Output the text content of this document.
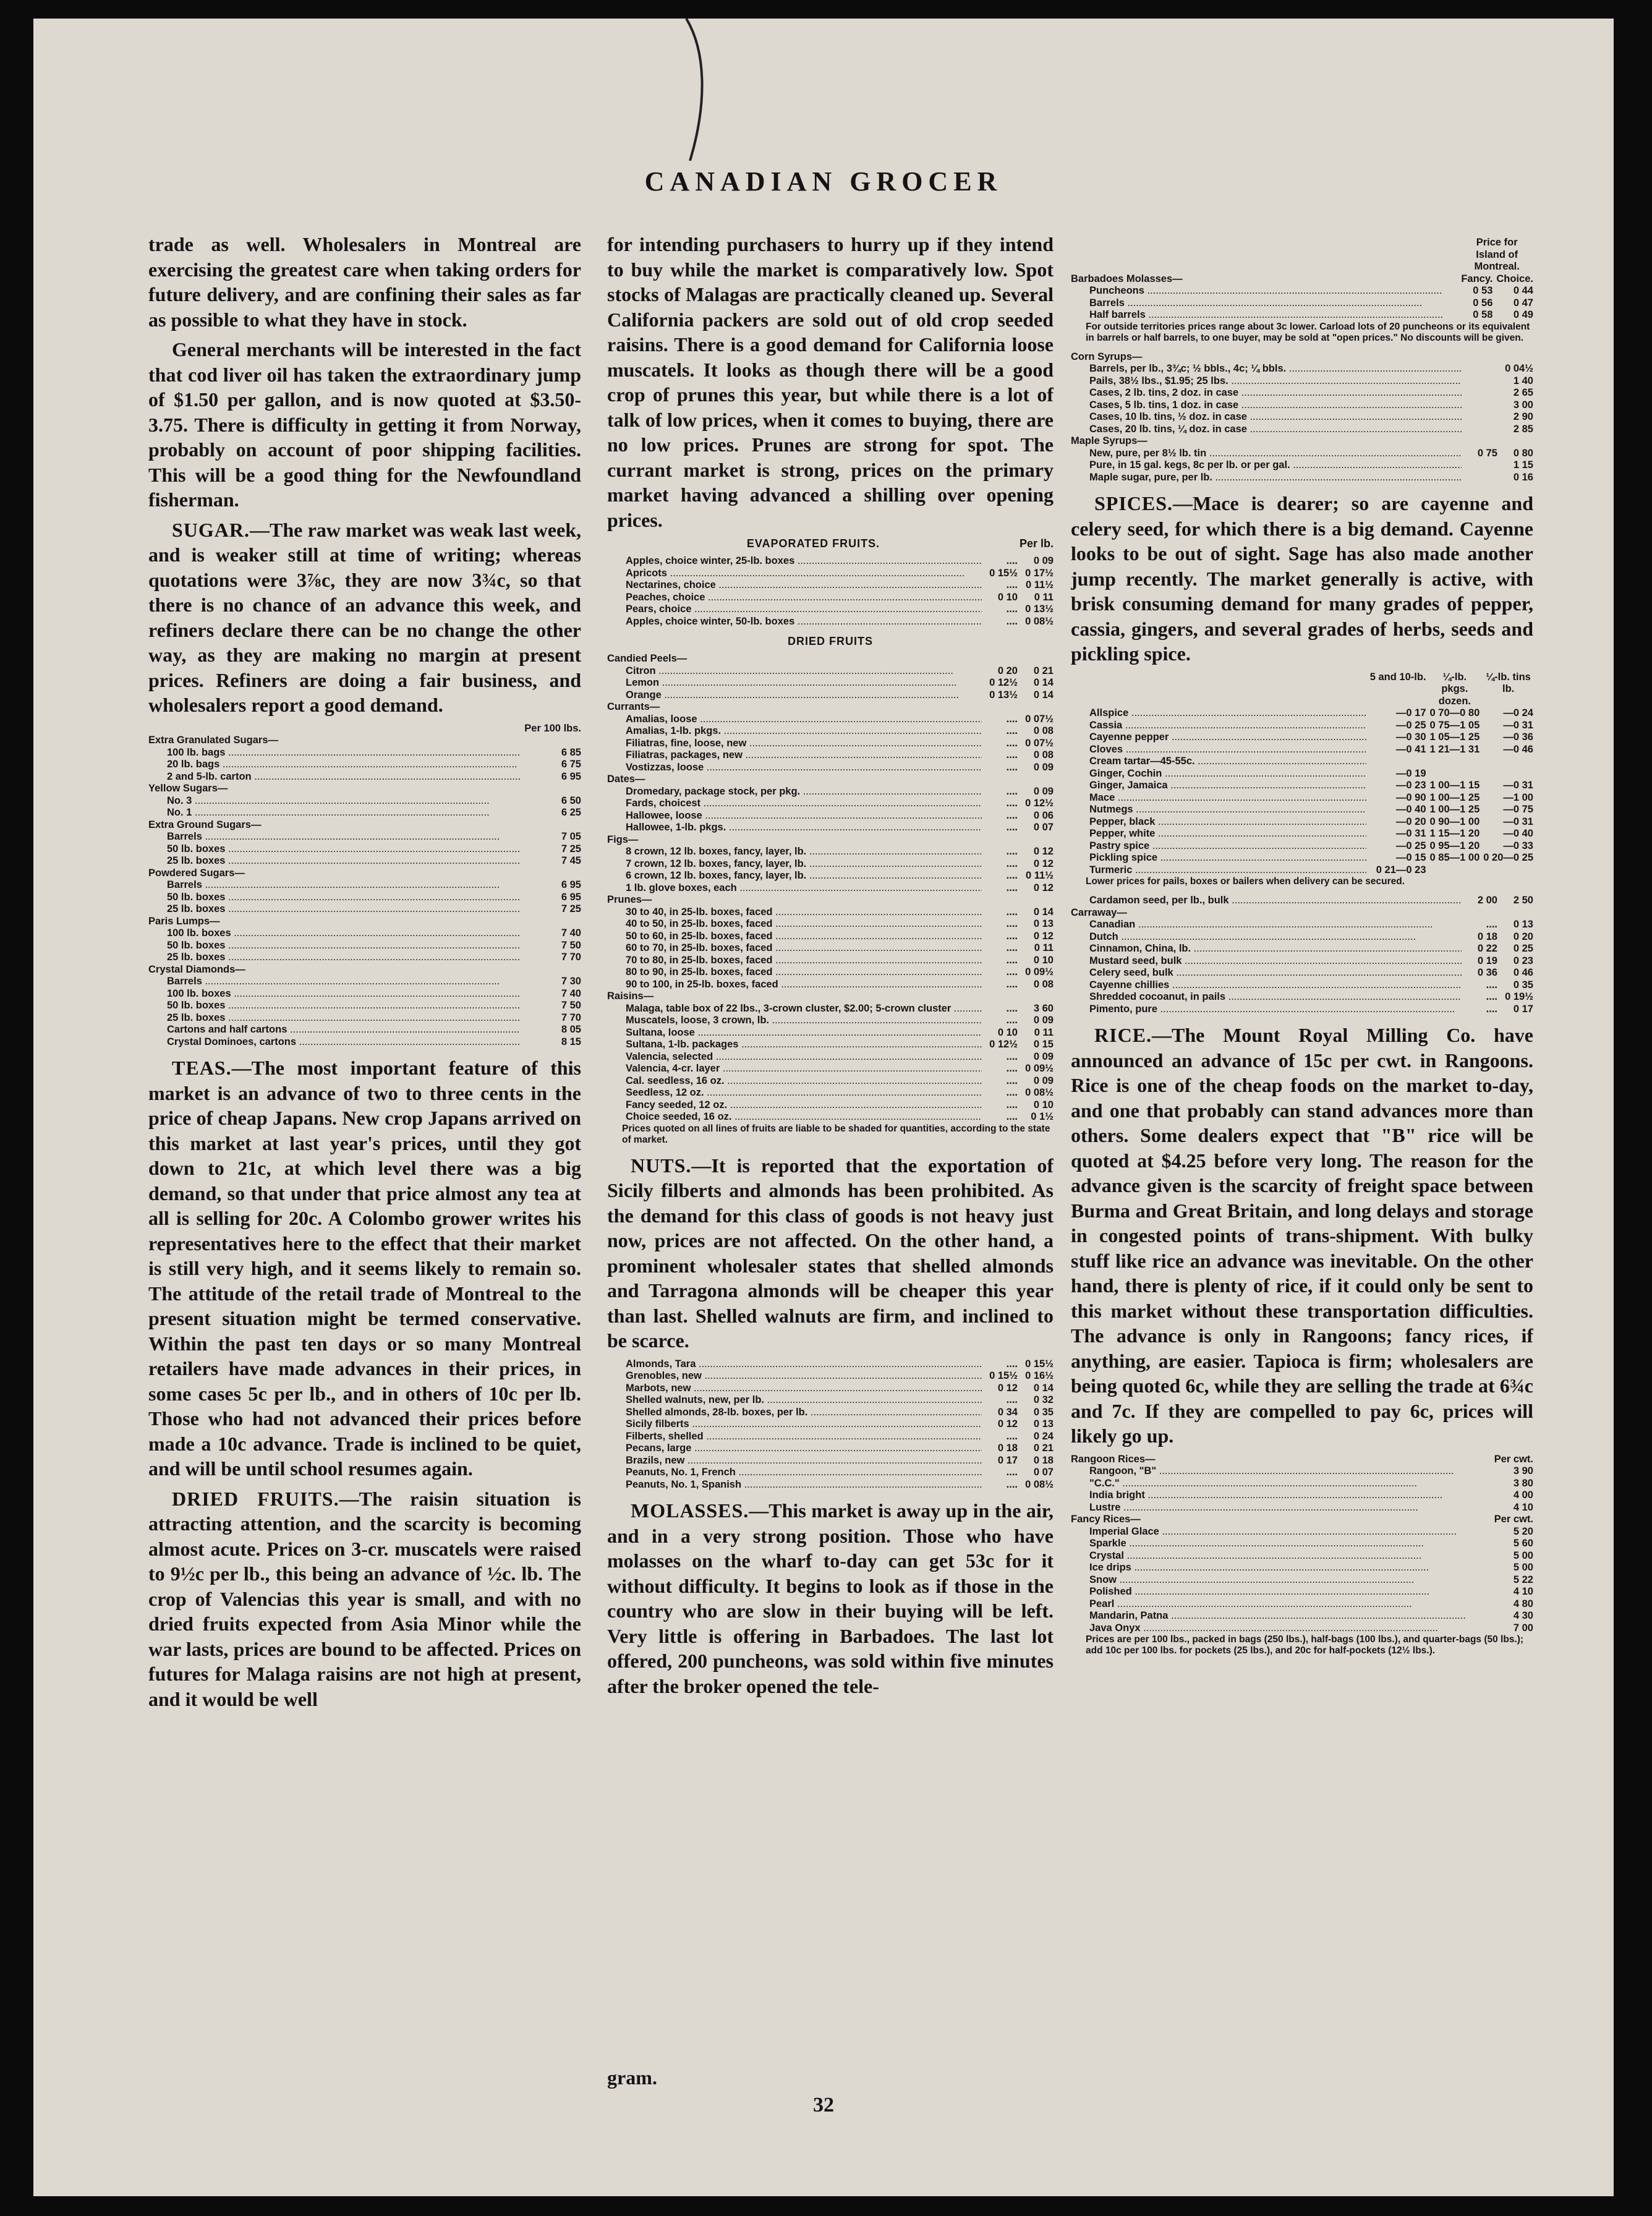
CANADIAN GROCER

trade as well. Wholesalers in Montreal are exercising the greatest care when taking orders for future delivery, and are confining their sales as far as possible to what they have in stock.

General merchants will be interested in the fact that cod liver oil has taken the extraordinary jump of $1.50 per gallon, and is now quoted at $3.50-3.75. There is difficulty in getting it from Norway, probably on account of poor shipping facilities. This will be a good thing for the Newfoundland fisherman.

SUGAR.—The raw market was weak last week, and is weaker still at time of writing; whereas quotations were 3⅞c, they are now 3¾c, so that there is no chance of an advance this week, and refiners declare there can be no change the other way, as they are making no margin at present prices. Refiners are doing a fair business, and wholesalers report a good demand.

	Per 100 lbs.
Extra Granulated Sugars—	
100 lb. bags .....	6 85
20 lb. bags .....	6 75
2 and 5-lb. carton .....	6 95
Yellow Sugars—	
No. 3 .....	6 50
No. 1 .....	6 25
Extra Ground Sugars—	
Barrels .....	7 05
50 lb. boxes .....	7 25
25 lb. boxes .....	7 45
Powdered Sugars—	
Barrels .....	6 95
50 lb. boxes .....	6 95
25 lb. boxes .....	7 25
Paris Lumps—	
100 lb. boxes .....	7 40
50 lb. boxes .....	7 50
25 lb. boxes .....	7 70
Crystal Diamonds—	
Barrels .....	7 30
100 lb. boxes .....	7 40
50 lb. boxes .....	7 50
25 lb. boxes .....	7 70
Cartons and half cartons .....	8 05
Crystal Dominoes, cartons .....	8 15

TEAS.—The most important feature of this market is an advance of two to three cents in the price of cheap Japans. New crop Japans arrived on this market at last year's prices, until they got down to 21c, at which level there was a big demand, so that under that price almost any tea at all is selling for 20c. A Colombo grower writes his representatives here to the effect that their market is still very high, and it seems likely to remain so. The attitude of the retail trade of Montreal to the present situation might be termed conservative. Within the past ten days or so many Montreal retailers have made advances in their prices, in some cases 5c per lb., and in others of 10c per lb. Those who had not advanced their prices before made a 10c advance. Trade is inclined to be quiet, and will be until school resumes again.

DRIED FRUITS.—The raisin situation is attracting attention, and the scarcity is becoming almost acute. Prices on 3-cr. muscatels were raised to 9½c per lb., this being an advance of ½c. lb. The crop of Valencias this year is small, and with no dried fruits expected from Asia Minor while the war lasts, prices are bound to be affected. Prices on futures for Malaga raisins are not high at present, and it would be well

for intending purchasers to hurry up if they intend to buy while the market is comparatively low. Spot stocks of Malagas are practically cleaned up. Several California packers are sold out of old crop seeded raisins. There is a good demand for California loose muscatels. It looks as though there will be a good crop of prunes this year, but while there is a lot of talk of low prices, when it comes to buying, there are no low prices. Prunes are strong for spot. The currant market is strong, prices on the primary market having advanced a shilling over opening prices.

EVAPORATED FRUITS.	Per lb.
Apples, choice winter, 25-lb. boxes .....	....	0 09
Apricots .....	0 15½	0 17½
Nectarines, choice .....	....	0 11½
Peaches, choice .....	0 10	0 11
Pears, choice .....	....	0 13½
Apples, choice winter, 50-lb. boxes .....	....	0 08½
DRIED FRUITS
Candied Peels—		
Citron .....	0 20	0 21
Lemon .....	0 12½	0 14
Orange .....	0 13½	0 14
Currants—		
Amalias, loose .....	....	0 07½
Amalias, 1-lb. pkgs. .....	....	0 08
Filiatras, fine, loose, new .....	....	0 07½
Filiatras, packages, new .....	....	0 08
Vostizzas, loose .....	....	0 09
Dates—		
Dromedary, package stock, per pkg. .....	....	0 09
Fards, choicest .....	....	0 12½
Hallowee, loose .....	....	0 06
Hallowee, 1-lb. pkgs. .....	....	0 07
Figs—		
8 crown, 12 lb. boxes, fancy, layer, lb. .....	....	0 12
7 crown, 12 lb. boxes, fancy, layer, lb. .....	....	0 12
6 crown, 12 lb. boxes, fancy, layer, lb. .....	....	0 11½
1 lb. glove boxes, each .....	....	0 12
Prunes—		
30 to 40, in 25-lb. boxes, faced .....	....	0 14
40 to 50, in 25-lb. boxes, faced .....	....	0 13
50 to 60, in 25-lb. boxes, faced .....	....	0 12
60 to 70, in 25-lb. boxes, faced .....	....	0 11
70 to 80, in 25-lb. boxes, faced .....	....	0 10
80 to 90, in 25-lb. boxes, faced .....	....	0 09½
90 to 100, in 25-lb. boxes, faced .....	....	0 08
Raisins—		
Malaga, table box of 22 lbs., 3-crown cluster, $2.00; 5-crown cluster .....	....	3 60
Muscatels, loose, 3 crown, lb. .....	....	0 09
Sultana, loose .....	0 10	0 11
Sultana, 1-lb. packages .....	0 12½	0 15
Valencia, selected .....	....	0 09
Valencia, 4-cr. layer .....	....	0 09½
Cal. seedless, 16 oz. .....	....	0 09
Seedless, 12 oz. .....	....	0 08½
Fancy seeded, 12 oz. .....	....	0 10
Choice seeded, 16 oz. .....	....	0 1½
Prices quoted on all lines of fruits are liable to be shaded for quantities, according to the state of market.		

NUTS.—It is reported that the exportation of Sicily filberts and almonds has been prohibited. As the demand for this class of goods is not heavy just now, prices are not affected. On the other hand, a prominent wholesaler states that shelled almonds and Tarragona almonds will be cheaper this year than last. Shelled walnuts are firm, and inclined to be scarce.

Almonds, Tara .....	....	0 15½
Grenobles, new .....	0 15½	0 16½
Marbots, new .....	0 12	0 14
Shelled walnuts, new, per lb. .....	....	0 32
Shelled almonds, 28-lb. boxes, per lb. .....	0 34	0 35
Sicily filberts .....	0 12	0 13
Filberts, shelled .....	....	0 24
Pecans, large .....	0 18	0 21
Brazils, new .....	0 17	0 18
Peanuts, No. 1, French .....	....	0 07
Peanuts, No. 1, Spanish .....	....	0 08½

MOLASSES.—This market is away up in the air, and in a very strong position. Those who have molasses on the wharf to-day can get 53c for it without difficulty. It begins to look as if those in the country who are slow in their buying will be left. Very little is offering in Barbadoes. The last lot offered, 200 puncheons, was sold within five minutes after the broker opened the tele-

	Price for Island of Montreal.	
Barbadoes Molasses—	Fancy.	Choice.
Puncheons .....	0 53	0 44
Barrels .....	0 56	0 47
Half barrels .....	0 58	0 49
For outside territories prices range about 3c lower. Carload lots of 20 puncheons or its equivalent in barrels or half barrels, to one buyer, may be sold at "open prices." No discounts will be given.		
Corn Syrups—		
Barrels, per lb., 3¾c; ½ bbls., 4c; ¼ bbls. .....		0 04½
Pails, 38½ lbs., $1.95; 25 lbs. .....		1 40
Cases, 2 lb. tins, 2 doz. in case .....		2 65
Cases, 5 lb. tins, 1 doz. in case .....		3 00
Cases, 10 lb. tins, ½ doz. in case .....		2 90
Cases, 20 lb. tins, ¼ doz. in case .....		2 85
Maple Syrups—		
New, pure, per 8½ lb. tin .....	0 75	0 80
Pure, in 15 gal. kegs, 8c per lb. or per gal. .....		1 15
Maple sugar, pure, per lb. .....		0 16

SPICES.—Mace is dearer; so are cayenne and celery seed, for which there is a big demand. Cayenne looks to be out of sight. Sage has also made another jump recently. The market generally is active, with brisk consuming demand for many grades of pepper, cassia, gingers, and several grades of herbs, seeds and pickling spice.

	5 and 10-lb.	¼-lb. pkgs. dozen.	¼-lb. tins lb.
Allspice .....	—0 17	0 70—0 80	—0 24
Cassia .....	—0 25	0 75—1 05	—0 31
Cayenne pepper .....	—0 30	1 05—1 25	—0 36
Cloves .....	—0 41	1 21—1 31	—0 46
Cream tartar—45-55c. .....			
Ginger, Cochin .....	—0 19		
Ginger, Jamaica .....	—0 23	1 00—1 15	—0 31
Mace .....	—0 90	1 00—1 25	—1 00
Nutmegs .....	—0 40	1 00—1 25	—0 75
Pepper, black .....	—0 20	0 90—1 00	—0 31
Pepper, white .....	—0 31	1 15—1 20	—0 40
Pastry spice .....	—0 25	0 95—1 20	—0 33
Pickling spice .....	—0 15	0 85—1 00	0 20—0 25
Turmeric .....	0 21—0 23		
Lower prices for pails, boxes or bailers when delivery can be secured.			
Cardamon seed, per lb., bulk .....	2 00	2 50
Carraway—		
Canadian .....	....	0 13
Dutch .....	0 18	0 20
Cinnamon, China, lb. .....	0 22	0 25
Mustard seed, bulk .....	0 19	0 23
Celery seed, bulk .....	0 36	0 46
Cayenne chillies .....	....	0 35
Shredded cocoanut, in pails .....	....	0 19½
Pimento, pure .....	....	0 17

RICE.—The Mount Royal Milling Co. have announced an advance of 15c per cwt. in Rangoons. Rice is one of the cheap foods on the market to-day, and one that probably can stand advances more than others. Some dealers expect that "B" rice will be quoted at $4.25 before very long. The reason for the advance given is the scarcity of freight space between Burma and Great Britain, and long delays and storage in congested points of trans-shipment. With bulky stuff like rice an advance was inevitable. On the other hand, there is plenty of rice, if it could only be sent to this market without these transportation difficulties. The advance is only in Rangoons; fancy rices, if anything, are easier. Tapioca is firm; wholesalers are being quoted 6c, while they are selling the trade at 6¾c and 7c. If they are compelled to pay 6c, prices will likely go up.

Rangoon Rices—	Per cwt.
Rangoon, "B" .....	3 90
"C.C." .....	3 80
India bright .....	4 00
Lustre .....	4 10
Fancy Rices—	Per cwt.
Imperial Glace .....	5 20
Sparkle .....	5 60
Crystal .....	5 00
Ice drips .....	5 00
Snow .....	5 22
Polished .....	4 10
Pearl .....	4 80
Mandarin, Patna .....	4 30
Java Onyx .....	7 00
Prices are per 100 lbs., packed in bags (250 lbs.), half-bags (100 lbs.), and quarter-bags (50 lbs.); add 10c per 100 lbs. for pockets (25 lbs.), and 20c for half-pockets (12½ lbs.).	
gram.
32
